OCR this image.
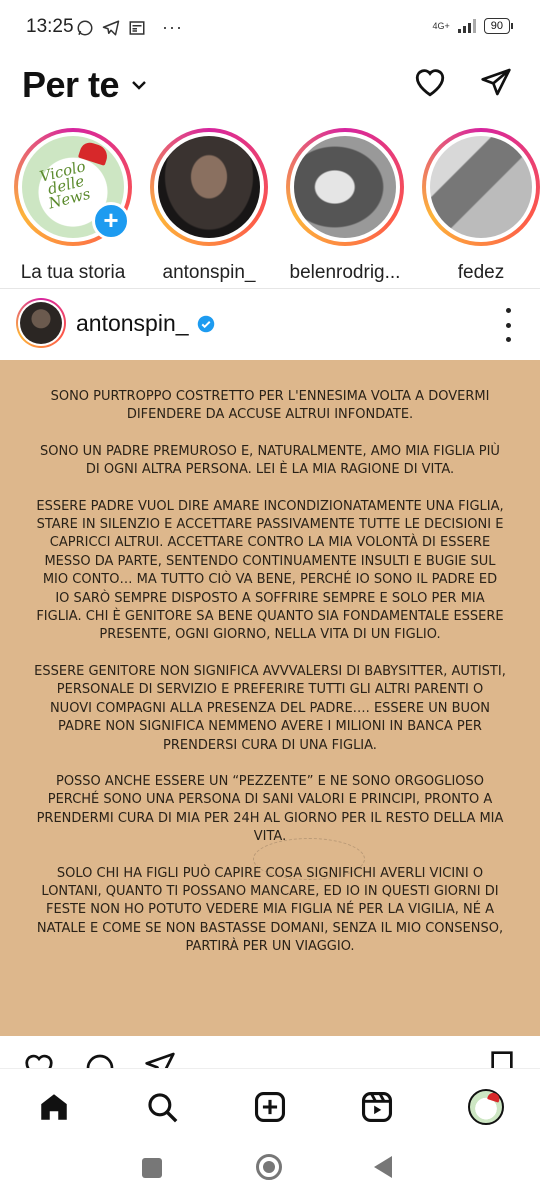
13:25	···	4G+	90
Per te
Vicolo delle News
+
La tua storia	antonspin_	belenrodrig...	fedez
antonspin_

SONO PURTROPPO COSTRETTO PER L'ENNESIMA VOLTA A DOVERMI DIFENDERE DA ACCUSE ALTRUI INFONDATE.

SONO UN PADRE PREMUROSO E, NATURALMENTE, AMO MIA FIGLIA PIÙ DI OGNI ALTRA PERSONA. LEI È LA MIA RAGIONE DI VITA.

ESSERE PADRE VUOL DIRE AMARE INCONDIZIONATAMENTE UNA FIGLIA, STARE IN SILENZIO E ACCETTARE PASSIVAMENTE TUTTE LE DECISIONI E CAPRICCI ALTRUI. ACCETTARE CONTRO LA MIA VOLONTÀ DI ESSERE MESSO DA PARTE, SENTENDO CONTINUAMENTE INSULTI E BUGIE SUL MIO CONTO… MA TUTTO CIÒ VA BENE, PERCHÉ IO SONO IL PADRE ED IO SARÒ SEMPRE DISPOSTO A SOFFRIRE SEMPRE E SOLO PER MIA FIGLIA. CHI È GENITORE SA BENE QUANTO SIA FONDAMENTALE ESSERE PRESENTE, OGNI GIORNO, NELLA VITA DI UN FIGLIO.

ESSERE GENITORE NON SIGNIFICA AVVVALERSI DI BABYSITTER, AUTISTI, PERSONALE DI SERVIZIO E PREFERIRE TUTTI GLI ALTRI PARENTI O NUOVI COMPAGNI ALLA PRESENZA DEL PADRE…. ESSERE UN BUON PADRE NON SIGNIFICA NEMMENO AVERE I MILIONI IN BANCA PER PRENDERSI CURA DI UNA FIGLIA.

POSSO ANCHE ESSERE UN “PEZZENTE” E NE SONO ORGOGLIOSO PERCHÉ SONO UNA PERSONA DI SANI VALORI E PRINCIPI, PRONTO A PRENDERMI CURA DI MIA PER 24H AL GIORNO PER IL RESTO DELLA MIA VITA.

SOLO CHI HA FIGLI PUÒ CAPIRE COSA SIGNIFICHI AVERLI VICINI O LONTANI, QUANTO TI POSSANO MANCARE, ED IO IN QUESTI GIORNI DI FESTE NON HO POTUTO VEDERE MIA FIGLIA NÉ PER LA VIGILIA, NÉ A NATALE E COME SE NON BASTASSE DOMANI, SENZA IL MIO CONSENSO, PARTIRÀ PER UN VIAGGIO.
